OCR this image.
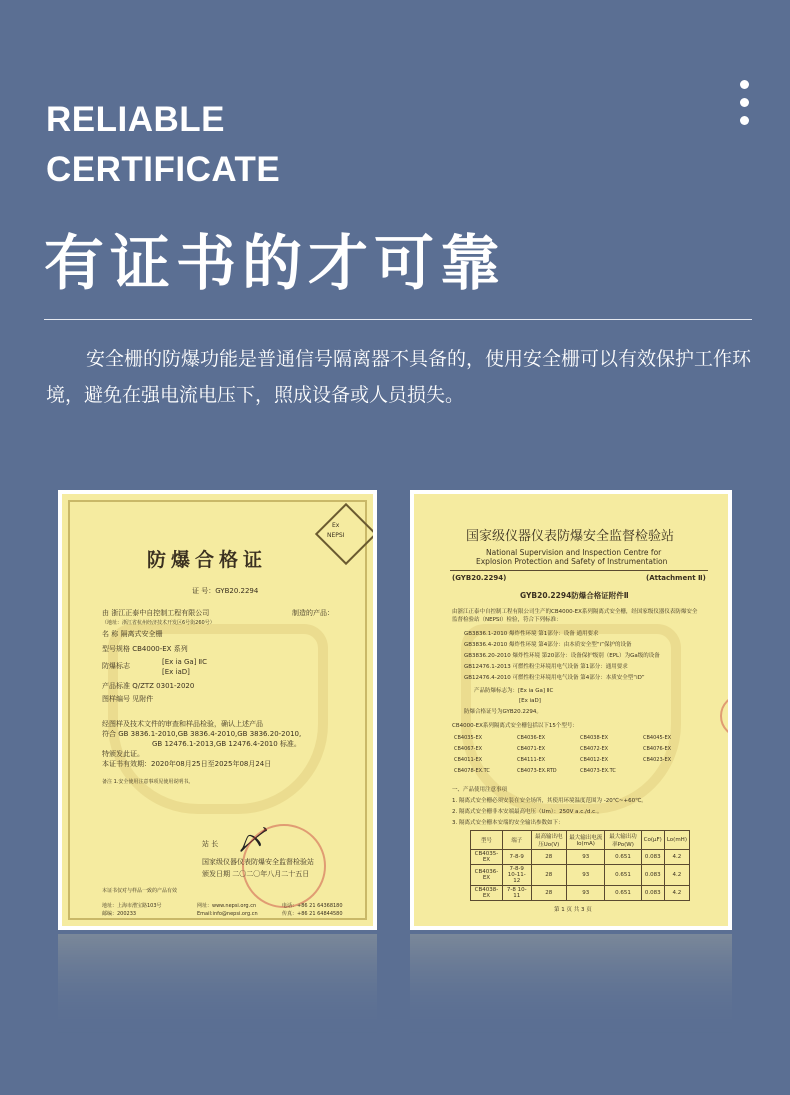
RELIABLE
CERTIFICATE
有证书的才可靠
安全栅的防爆功能是普通信号隔离器不具备的，使用安全栅可以有效保护工作环境，避免在强电流电压下，照成设备或人员损失。
Ex
NEPSI
防爆合格证
证 号：GYB20.2294
由 浙江正泰中自控制工程有限公司	制造的产品：
（地址：浙江省杭州经济技术开发区6号街260号）
名 称 隔离式安全栅
型号规格 CB4000-EX 系列
防爆标志	[Ex ia Ga] ⅡC
[Ex iaD]
产品标准 Q/ZTZ 0301-2020
图样编号 见附件
经图样及技术文件的审查和样品检验，确认上述产品
符合 GB 3836.1-2010,GB 3836.4-2010,GB 3836.20-2010,
GB 12476.1-2013,GB 12476.4-2010 标准。
特颁发此证。
本证书有效期：2020年08月25日至2025年08月24日
备注 1.安全使用注意事项见使用说明书。
站 长 〆
国家级仪器仪表防爆安全监督检验站
颁发日期 二〇二〇年八月二十五日
本证书仅对与样品一致的产品有效
地址：上海市漕宝路103号
邮编：200233
网址：www.nepsi.org.cn
Email:info@nepsi.org.cn
电话：+86 21 64368180
传真：+86 21 64844580
国家级仪器仪表防爆安全监督检验站
National Supervision and Inspection Centre for
Explosion Protection and Safety of Instrumentation
(GYB20.2294)	(Attachment Ⅱ)
GYB20.2294防爆合格证附件Ⅱ
由浙江正泰中自控制工程有限公司生产的CB4000-EX系列隔离式安全栅，经国家级仪器仪表防爆安全监督检验站（NEPSI）检验，符合下列标准：
GB3836.1-2010 爆炸性环境 第1部分：设备 通用要求
GB3836.4-2010 爆炸性环境 第4部分：由本质安全型“i”保护的设备
GB3836.20-2010 爆炸性环境 第20部分：设备保护级别（EPL）为Ga级的设备
GB12476.1-2013 可燃性粉尘环境用电气设备 第1部分：通用要求
GB12476.4-2010 可燃性粉尘环境用电气设备 第4部分：本质安全型“iD”
产品防爆标志为：[Ex ia Ga] ⅡC
[Ex iaD]
防爆合格证号为GYB20.2294。
CB4000-EX系列隔离式安全栅包括以下15个型号：
CB4035-EX	CB4036-EX	CB4038-EX	CB4045-EX
CB4067-EX	CB4071-EX	CB4072-EX	CB4076-EX
CB4011-EX	CB4111-EX	CB4012-EX	CB4023-EX
CB4078-EX.TC	CB4073-EX.RTD	CB4073-EX.TC
一、产品使用注意事项
1. 隔离式安全栅必须安装在安全场所，其使用环境温度范围为 -20℃~+60℃。
2. 隔离式安全栅非本安端最高电压（Um）：250V a.c./d.c.。
3. 隔离式安全栅本安端的安全输出参数如下：
型号	端子	最高输出电压Uo(V)	最大输出电流Io(mA)	最大输出功率Po(W)	Co(μF)	Lo(mH)
CB4035-EX	7-8-9	28	93	0.651	0.083	4.2
CB4036-EX	7-8-9 10-11-12	28	93	0.651	0.083	4.2
CB4038-EX	7-8 10-11	28	93	0.651	0.083	4.2
第 1 页 共 3 页
